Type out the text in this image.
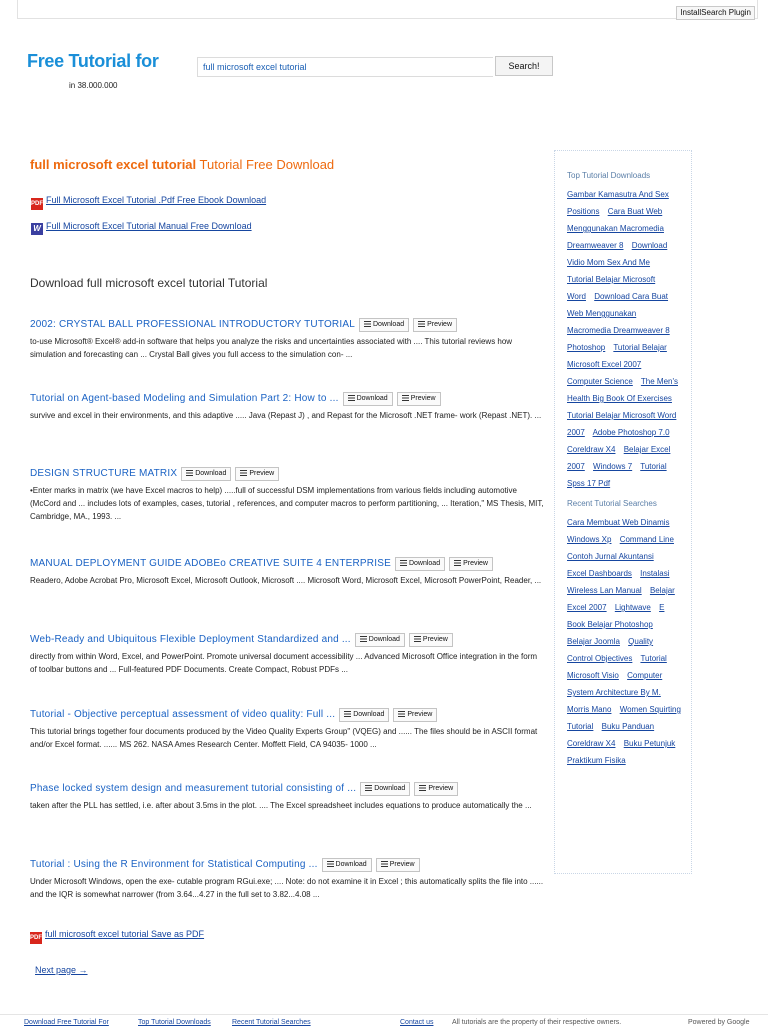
InstallSearch Plugin
Free Tutorial for
in 38.000.000
full microsoft excel tutorial	Search!
full microsoft excel tutorial Tutorial Free Download
PDF Full Microsoft Excel Tutorial .Pdf Free Ebook Download
W Full Microsoft Excel Tutorial Manual Free Download
Download full microsoft excel tutorial Tutorial
2002: CRYSTAL BALL PROFESSIONAL INTRODUCTORY TUTORIAL	Download	Preview
to-use Microsoft® Excel® add-in software that helps you analyze the risks and uncertainties associated with .... This tutorial reviews how simulation and forecasting can ... Crystal Ball gives you full access to the simulation con- ...
Tutorial on Agent-based Modeling and Simulation Part 2: How to ...	Download	Preview
survive and excel in their environments, and this adaptive ..... Java (Repast J) , and Repast for the Microsoft .NET frame- work (Repast .NET). ...
DESIGN STRUCTURE MATRIX	Download	Preview
•Enter marks in matrix (we have Excel macros to help) .....full of successful DSM implementations from various fields including automotive (McCord and ... includes lots of examples, cases, tutorial , references, and computer macros to perform partitioning, ... Iteration," MS Thesis, MIT, Cambridge, MA., 1993. ...
MANUAL DEPLOYMENT GUIDE ADOBEo CREATIVE SUITE 4 ENTERPRISE	Download	Preview
Readero, Adobe Acrobat Pro, Microsoft Excel, Microsoft Outlook, Microsoft .... Microsoft Word, Microsoft Excel, Microsoft PowerPoint, Reader, ...
Web-Ready and Ubiquitous Flexible Deployment Standardized and ...	Download	Preview
directly from within Word, Excel, and PowerPoint. Promote universal document accessibility ... Advanced Microsoft Office integration in the form of toolbar buttons and ... Full-featured PDF Documents. Create Compact, Robust PDFs ...
Tutorial - Objective perceptual assessment of video quality: Full ...	Download	Preview
This tutorial brings together four documents produced by the Video Quality Experts Group" (VQEG) and ...... The files should be in ASCII format and/or Excel format. ...... MS 262. NASA Ames Research Center. Moffett Field, CA 94035- 1000 ...
Phase locked system design and measurement tutorial consisting of ...	Download	Preview
taken after the PLL has settled, i.e. after about 3.5ms in the plot. .... The Excel spreadsheet includes equations to produce automatically the ...
Tutorial : Using the R Environment for Statistical Computing ...	Download	Preview
Under Microsoft Windows, open the exe- cutable program RGui.exe; .... Note: do not examine it in Excel ; this automatically splits the file into ...... and the IQR is somewhat narrower (from 3.64...4.27 in the full set to 3.82...4.08 ...
PDF full microsoft excel tutorial Save as PDF
Next page →
Top Tutorial Downloads
Gambar Kamasutra And Sex Positions Cara Buat Web Menggunakan Macromedia Dreamweaver 8 Download Vidio Mom Sex And Me Tutorial Belajar Microsoft Word Download Cara Buat Web Menggunakan Macromedia Dreamweaver 8 Photoshop Tutorial Belajar Microsoft Excel 2007 Computer Science The Men's Health Big Book Of Exercises Tutorial Belajar Microsoft Word 2007 Adobe Photoshop 7.0 Coreldraw X4 Belajar Excel 2007 Windows 7 Tutorial Spss 17 Pdf
Recent Tutorial Searches
Cara Membuat Web Dinamis Windows Xp Command Line Contoh Jurnal Akuntansi Excel Dashboards Instalasi Wireless Lan Manual Belajar Excel 2007 Lightwave E Book Belajar Photoshop Belajar Joomla Quality Control Objectives Tutorial Microsoft Visio Computer System Architecture By M. Morris Mano Women Squirting Tutorial Buku Panduan Coreldraw X4 Buku Petunjuk Praktikum Fisika
Download Free Tutorial For	Top Tutorial Downloads	Recent Tutorial Searches	Contact us	All tutorials are the property of their respective owners.	Powered by Google
